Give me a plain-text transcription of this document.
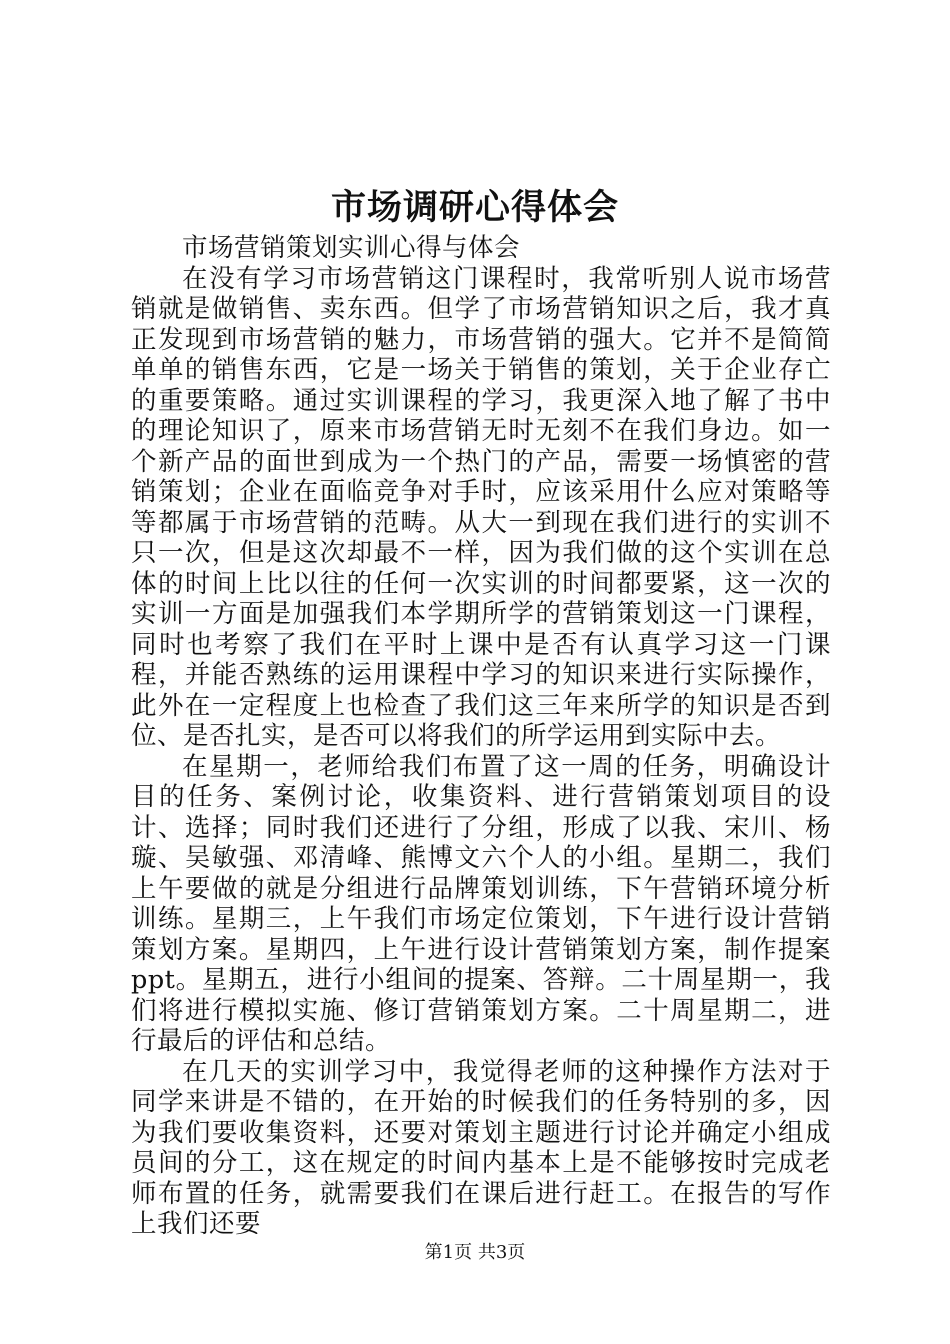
市场调研心得体会

市场营销策划实训心得与体会

在没有学习市场营销这门课程时，我常听别人说市场营销就是做销售、卖东西。但学了市场营销知识之后，我才真正发现到市场营销的魅力，市场营销的强大。它并不是简简单单的销售东西，它是一场关于销售的策划，关于企业存亡的重要策略。通过实训课程的学习，我更深入地了解了书中的理论知识了，原来市场营销无时无刻不在我们身边。如一个新产品的面世到成为一个热门的产品，需要一场慎密的营销策划；企业在面临竞争对手时，应该采用什么应对策略等等都属于市场营销的范畴。从大一到现在我们进行的实训不只一次，但是这次却最不一样，因为我们做的这个实训在总体的时间上比以往的任何一次实训的时间都要紧，这一次的实训一方面是加强我们本学期所学的营销策划这一门课程，同时也考察了我们在平时上课中是否有认真学习这一门课程，并能否熟练的运用课程中学习的知识来进行实际操作，此外在一定程度上也检查了我们这三年来所学的知识是否到位、是否扎实，是否可以将我们的所学运用到实际中去。

在星期一，老师给我们布置了这一周的任务，明确设计目的任务、案例讨论，收集资料、进行营销策划项目的设计、选择；同时我们还进行了分组，形成了以我、宋川、杨璇、吴敏强、邓清峰、熊博文六个人的小组。星期二，我们上午要做的就是分组进行品牌策划训练，下午营销环境分析训练。星期三，上午我们市场定位策划，下午进行设计营销策划方案。星期四，上午进行设计营销策划方案，制作提案ppt。星期五，进行小组间的提案、答辩。二十周星期一，我们将进行模拟实施、修订营销策划方案。二十周星期二，进行最后的评估和总结。

在几天的实训学习中，我觉得老师的这种操作方法对于同学来讲是不错的，在开始的时候我们的任务特别的多，因为我们要收集资料，还要对策划主题进行讨论并确定小组成员间的分工，这在规定的时间内基本上是不能够按时完成老师布置的任务，就需要我们在课后进行赶工。在报告的写作上我们还要

第1页 共3页
